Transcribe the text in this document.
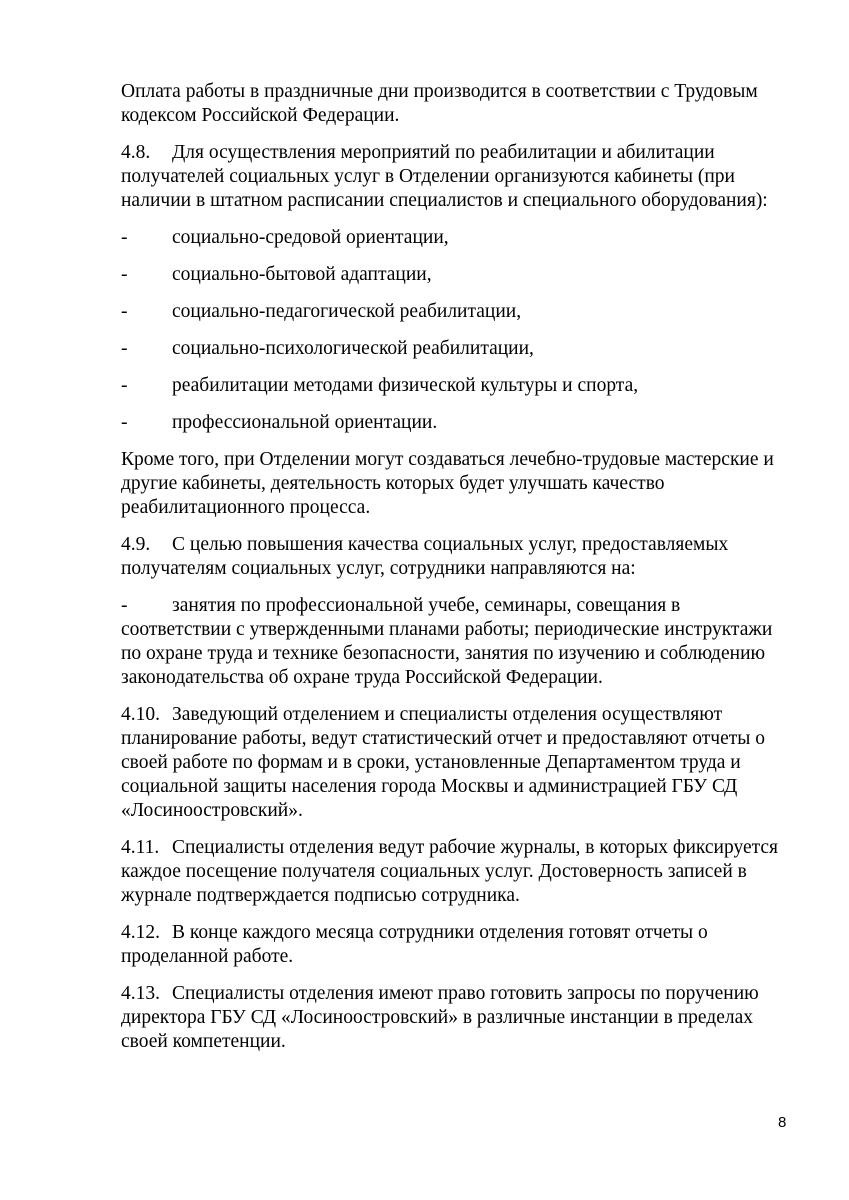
Оплата работы в праздничные дни производится в соответствии с Трудовым кодексом Российской Федерации.

4.8. Для осуществления мероприятий по реабилитации и абилитации получателей социальных услуг в Отделении организуются кабинеты (при наличии в штатном расписании специалистов и специального оборудования):

-	социально-средовой ориентации,
-	социально-бытовой адаптации,
-	социально-педагогической реабилитации,
-	социально-психологической реабилитации,
-	реабилитации методами физической культуры и спорта,
-	профессиональной ориентации.

Кроме того, при Отделении могут создаваться лечебно-трудовые мастерские и другие кабинеты, деятельность которых будет улучшать качество реабилитационного процесса.

4.9. С целью повышения качества социальных услуг, предоставляемых получателям социальных услуг, сотрудники направляются на:

- занятия по профессиональной учебе, семинары, совещания в соответствии с утвержденными планами работы; периодические инструктажи по охране труда и технике безопасности, занятия по изучению и соблюдению законодательства об охране труда Российской Федерации.

4.10. Заведующий отделением и специалисты отделения осуществляют планирование работы, ведут статистический отчет и предоставляют отчеты о своей работе по формам и в сроки, установленные Департаментом труда и социальной защиты населения города Москвы и администрацией ГБУ СД «Лосиноостровский».

4.11. Специалисты отделения ведут рабочие журналы, в которых фиксируется каждое посещение получателя социальных услуг. Достоверность записей в журнале подтверждается подписью сотрудника.

4.12. В конце каждого месяца сотрудники отделения готовят отчеты о проделанной работе.

4.13. Специалисты отделения имеют право готовить запросы по поручению директора ГБУ СД «Лосиноостровский» в различные инстанции в пределах своей компетенции.

8
